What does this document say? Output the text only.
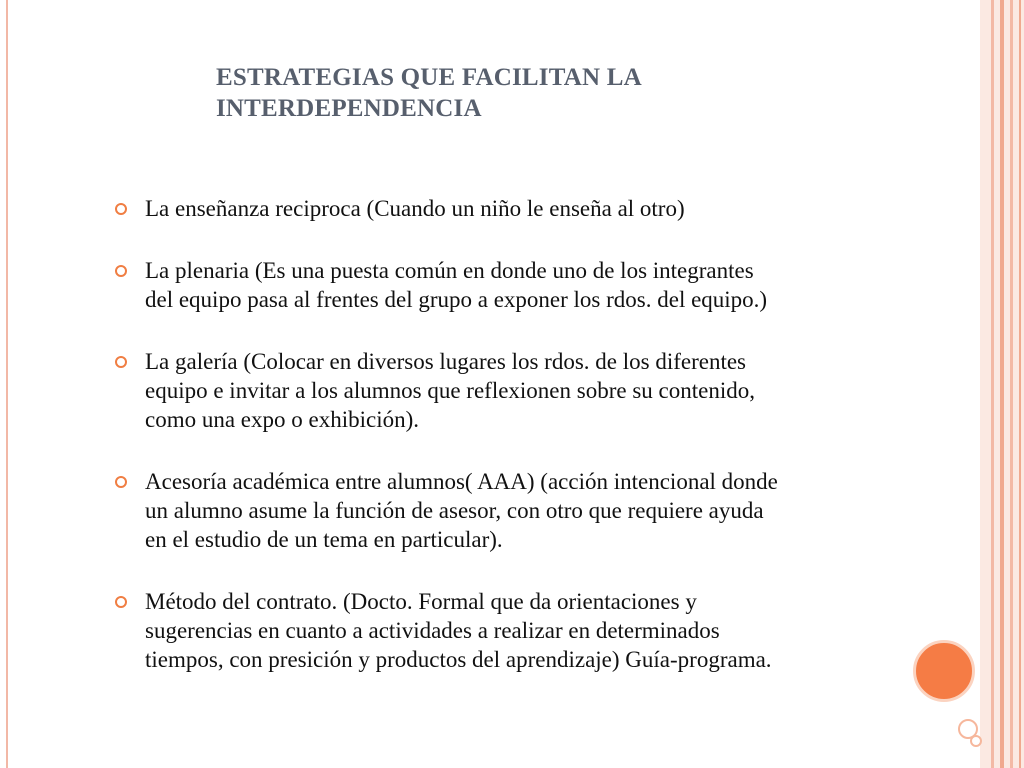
ESTRATEGIAS QUE FACILITAN LA
INTERDEPENDENCIA
La enseñanza reciproca (Cuando un niño le enseña al otro)
La plenaria (Es una puesta común en donde uno de los integrantes
del equipo pasa al frentes del grupo a exponer los rdos. del equipo.)
La galería (Colocar en diversos lugares los rdos. de los diferentes
equipo e invitar a los alumnos que reflexionen sobre su contenido,
como una expo o exhibición).
Acesoría académica entre alumnos( AAA) (acción intencional donde
un alumno asume la función de asesor, con otro que requiere ayuda
en el estudio de un tema en particular).
Método del contrato. (Docto. Formal que da orientaciones y
sugerencias en cuanto a actividades a realizar en determinados
tiempos, con presición y productos del aprendizaje) Guía-programa.
